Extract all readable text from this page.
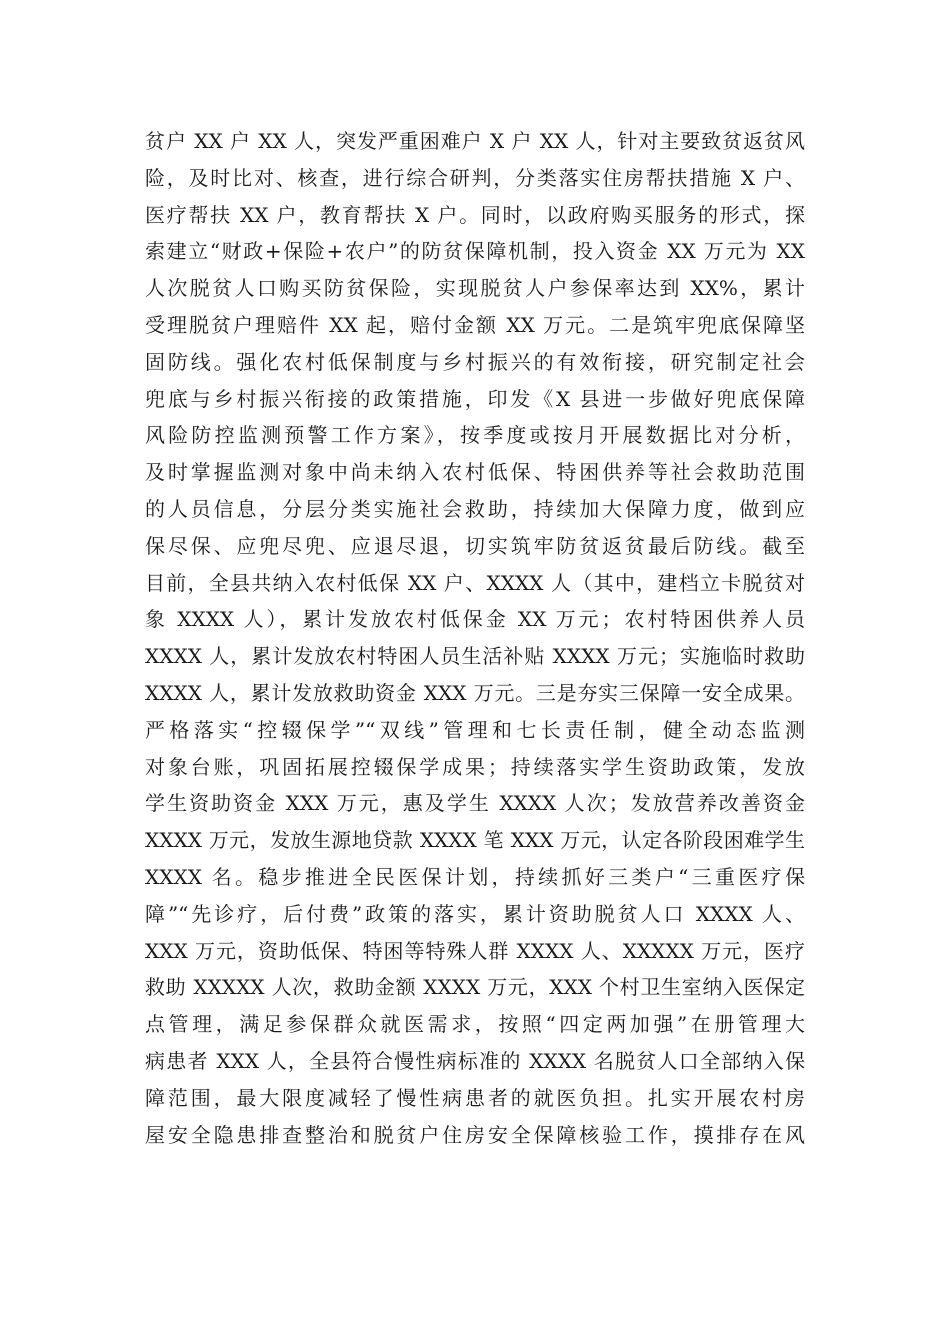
贫户 XX 户 XX 人，突发严重困难户 X 户 XX 人，针对主要致贫返贫风
险，及时比对、核查，进行综合研判，分类落实住房帮扶措施 X 户、
医疗帮扶 XX 户，教育帮扶 X 户。同时，以政府购买服务的形式，探
索建立“财政+保险+农户”的防贫保障机制，投入资金 XX 万元为 XX
人次脱贫人口购买防贫保险，实现脱贫人户参保率达到 XX%，累计
受理脱贫户理赔件 XX 起，赔付金额 XX 万元。二是筑牢兜底保障坚
固防线。强化农村低保制度与乡村振兴的有效衔接，研究制定社会
兜底与乡村振兴衔接的政策措施，印发《X 县进一步做好兜底保障
风险防控监测预警工作方案》，按季度或按月开展数据比对分析，
及时掌握监测对象中尚未纳入农村低保、特困供养等社会救助范围
的人员信息，分层分类实施社会救助，持续加大保障力度，做到应
保尽保、应兜尽兜、应退尽退，切实筑牢防贫返贫最后防线。截至
目前，全县共纳入农村低保 XX 户、XXXX 人（其中，建档立卡脱贫对
象 XXXX 人），累计发放农村低保金 XX 万元；农村特困供养人员
XXXX 人，累计发放农村特困人员生活补贴 XXXX 万元；实施临时救助
XXXX 人，累计发放救助资金 XXX 万元。三是夯实三保障一安全成果。
严格落实“控辍保学”“双线”管理和七长责任制，健全动态监测
对象台账，巩固拓展控辍保学成果；持续落实学生资助政策，发放
学生资助资金 XXX 万元，惠及学生 XXXX 人次；发放营养改善资金
XXXX 万元，发放生源地贷款 XXXX 笔 XXX 万元，认定各阶段困难学生
XXXX 名。稳步推进全民医保计划，持续抓好三类户“三重医疗保
障”“先诊疗，后付费”政策的落实，累计资助脱贫人口 XXXX 人、
XXX 万元，资助低保、特困等特殊人群 XXXX 人、XXXXX 万元，医疗
救助 XXXXX 人次，救助金额 XXXX 万元，XXX 个村卫生室纳入医保定
点管理，满足参保群众就医需求，按照“四定两加强”在册管理大
病患者 XXX 人，全县符合慢性病标准的 XXXX 名脱贫人口全部纳入保
障范围，最大限度减轻了慢性病患者的就医负担。扎实开展农村房
屋安全隐患排查整治和脱贫户住房安全保障核验工作，摸排存在风
